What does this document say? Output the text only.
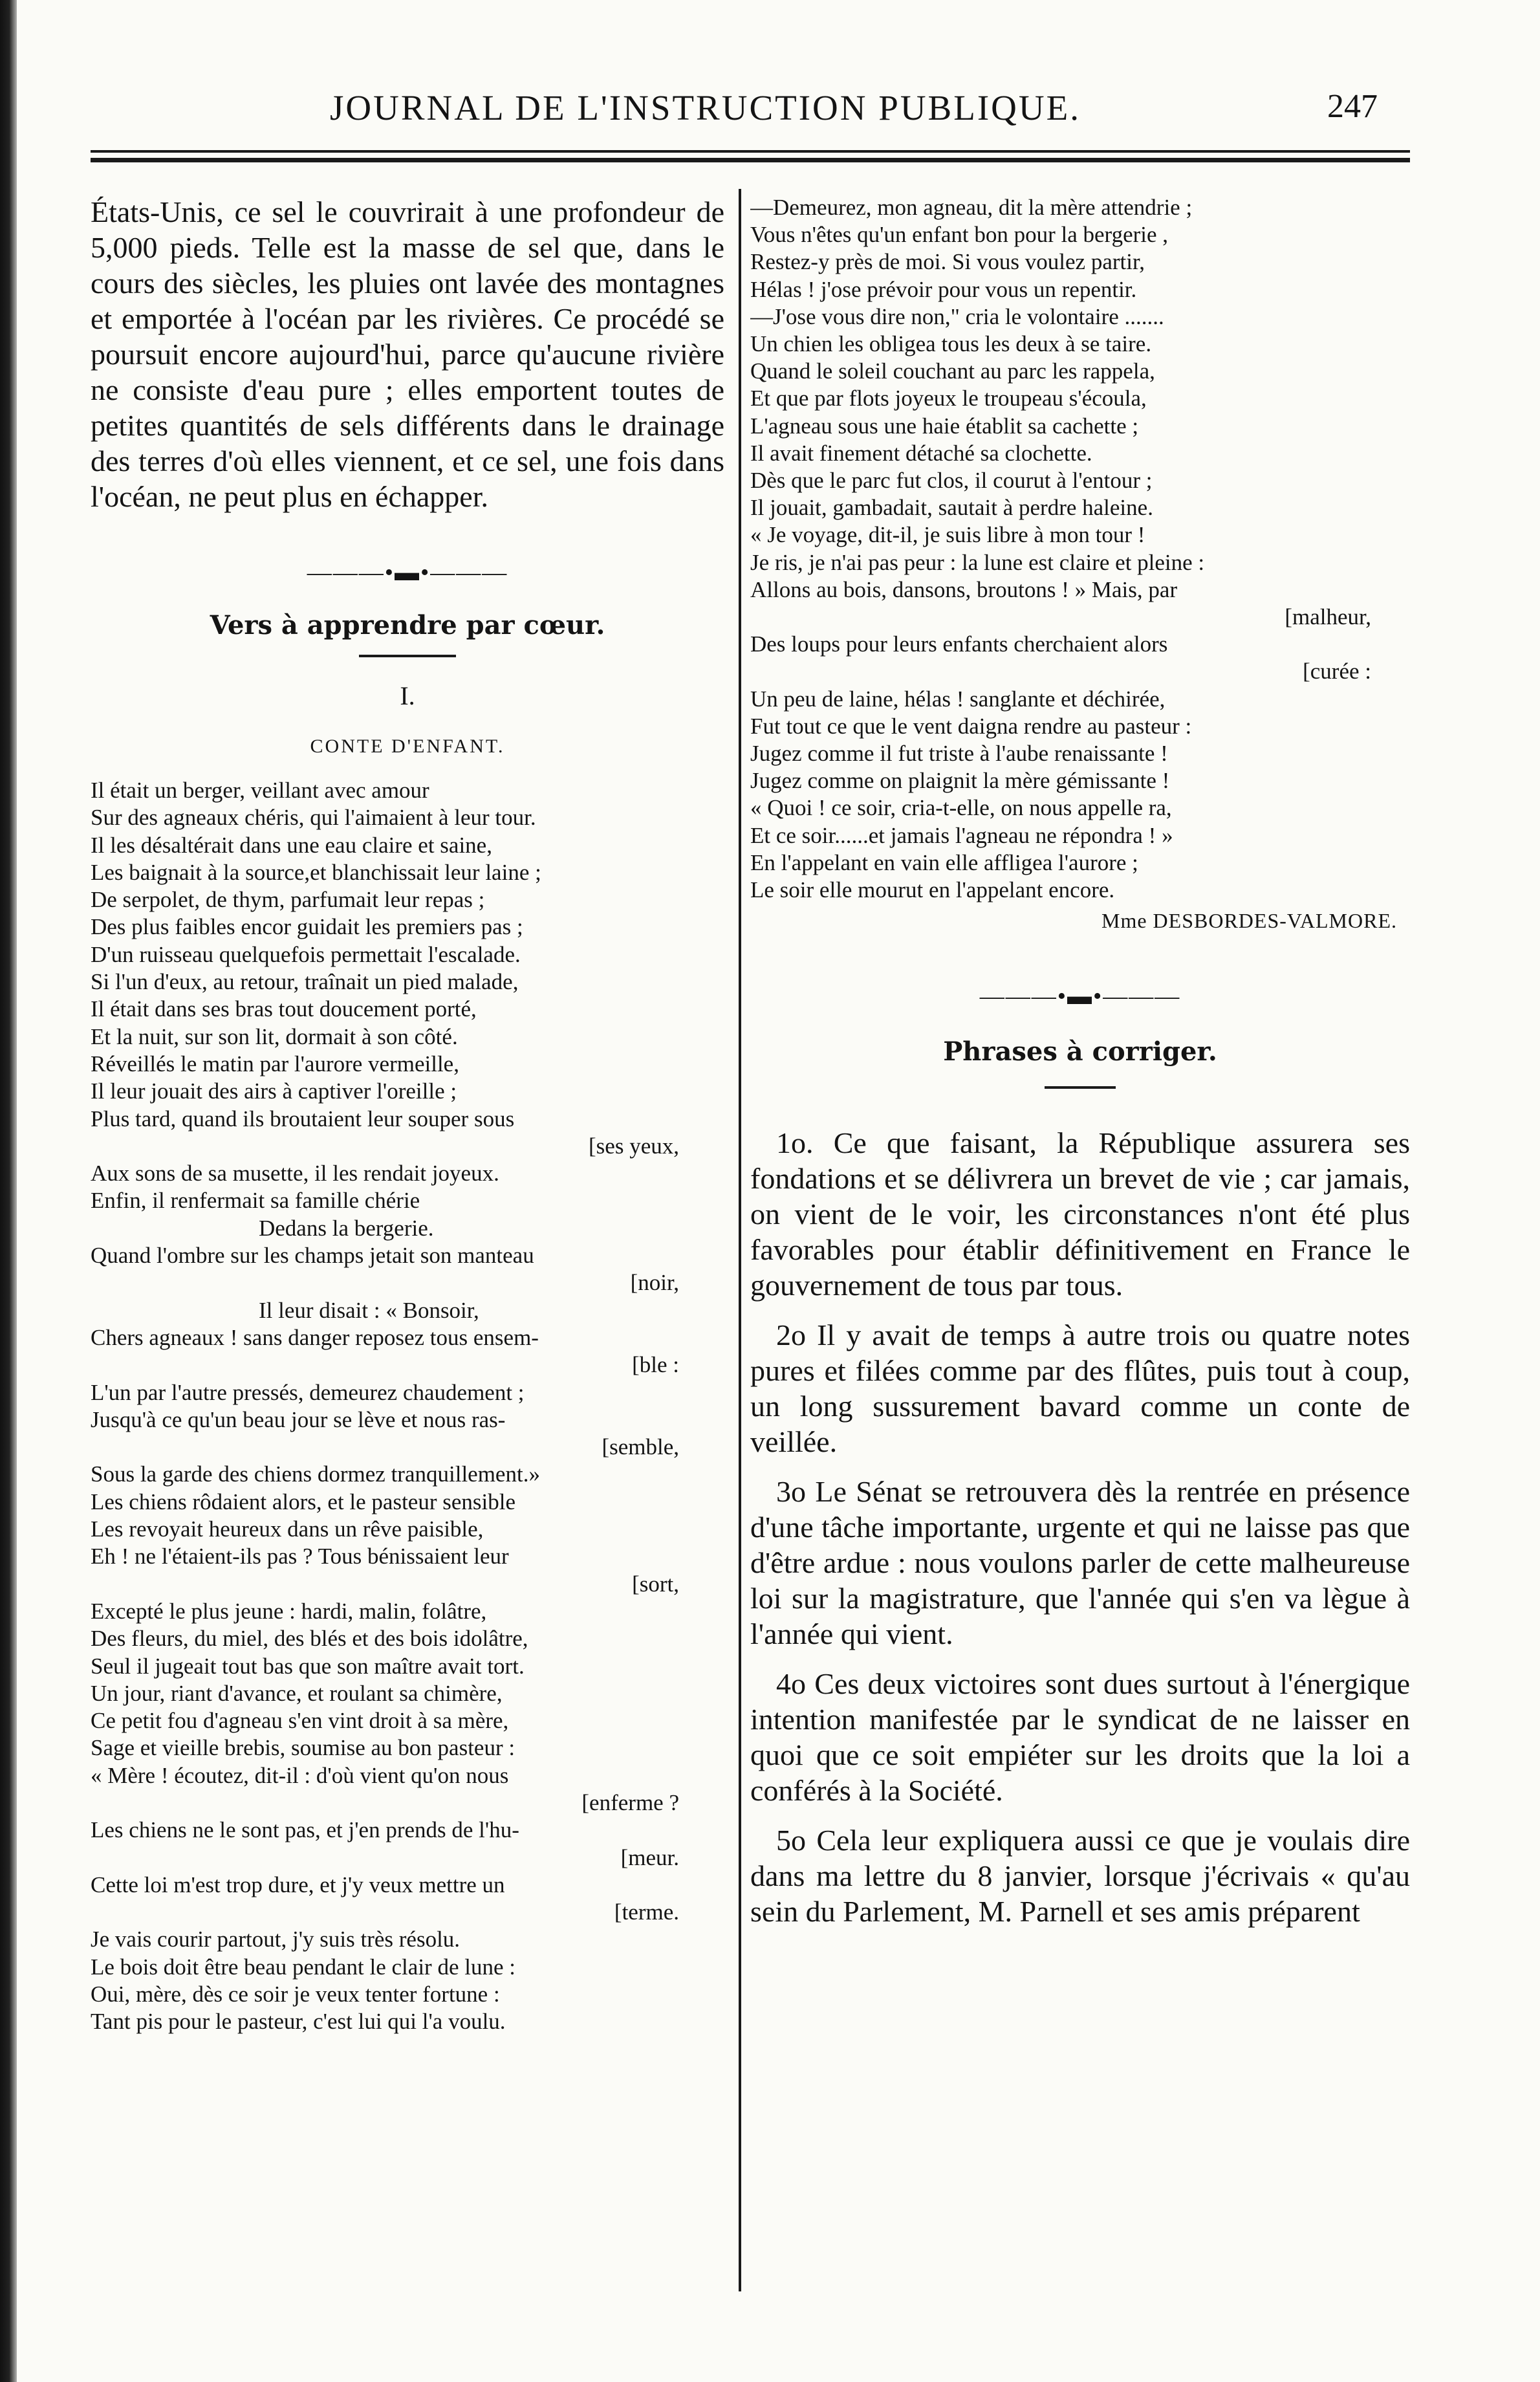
JOURNAL DE L'INSTRUCTION PUBLIQUE.	247

États-Unis, ce sel le couvrirait à une profondeur de 5,000 pieds. Telle est la masse de sel que, dans le cours des siècles, les pluies ont lavée des montagnes et emportée à l'océan par les rivières. Ce procédé se poursuit encore aujourd'hui, parce qu'aucune rivière ne consiste d'eau pure ; elles emportent toutes de petites quantités de sels différents dans le drainage des terres d'où elles viennent, et ce sel, une fois dans l'océan, ne peut plus en échapper.

———•▬•———

Vers à apprendre par cœur.

I.

CONTE D'ENFANT.

Il était un berger, veillant avec amour
Sur des agneaux chéris, qui l'aimaient à leur tour.
Il les désaltérait dans une eau claire et saine,
Les baignait à la source,et blanchissait leur laine ;
De serpolet, de thym, parfumait leur repas ;
Des plus faibles encor guidait les premiers pas ;
D'un ruisseau quelquefois permettait l'escalade.
Si l'un d'eux, au retour, traînait un pied malade,
Il était dans ses bras tout doucement porté,
Et la nuit, sur son lit, dormait à son côté.
Réveillés le matin par l'aurore vermeille,
Il leur jouait des airs à captiver l'oreille ;
Plus tard, quand ils broutaient leur souper sous
[ses yeux,
Aux sons de sa musette, il les rendait joyeux.
Enfin, il renfermait sa famille chérie
Dedans la bergerie.
Quand l'ombre sur les champs jetait son manteau
[noir,
Il leur disait : « Bonsoir,
Chers agneaux ! sans danger reposez tous ensem-
[ble :
L'un par l'autre pressés, demeurez chaudement ;
Jusqu'à ce qu'un beau jour se lève et nous ras-
[semble,
Sous la garde des chiens dormez tranquillement.»
Les chiens rôdaient alors, et le pasteur sensible
Les revoyait heureux dans un rêve paisible,
Eh ! ne l'étaient-ils pas ? Tous bénissaient leur
[sort,
Excepté le plus jeune : hardi, malin, folâtre,
Des fleurs, du miel, des blés et des bois idolâtre,
Seul il jugeait tout bas que son maître avait tort.
Un jour, riant d'avance, et roulant sa chimère,
Ce petit fou d'agneau s'en vint droit à sa mère,
Sage et vieille brebis, soumise au bon pasteur :
« Mère ! écoutez, dit-il : d'où vient qu'on nous
[enferme ?
Les chiens ne le sont pas, et j'en prends de l'hu-
[meur.
Cette loi m'est trop dure, et j'y veux mettre un
[terme.
Je vais courir partout, j'y suis très résolu.
Le bois doit être beau pendant le clair de lune :
Oui, mère, dès ce soir je veux tenter fortune :
Tant pis pour le pasteur, c'est lui qui l'a voulu.
—Demeurez, mon agneau, dit la mère attendrie ;
Vous n'êtes qu'un enfant bon pour la bergerie ,
Restez-y près de moi. Si vous voulez partir,
Hélas ! j'ose prévoir pour vous un repentir.
—J'ose vous dire non," cria le volontaire .......
Un chien les obligea tous les deux à se taire.
Quand le soleil couchant au parc les rappela,
Et que par flots joyeux le troupeau s'écoula,
L'agneau sous une haie établit sa cachette ;
Il avait finement détaché sa clochette.
Dès que le parc fut clos, il courut à l'entour ;
Il jouait, gambadait, sautait à perdre haleine.
« Je voyage, dit-il, je suis libre à mon tour !
Je ris, je n'ai pas peur : la lune est claire et pleine :
Allons au bois, dansons, broutons ! » Mais, par
[malheur,
Des loups pour leurs enfants cherchaient alors
[curée :
Un peu de laine, hélas ! sanglante et déchirée,
Fut tout ce que le vent daigna rendre au pasteur :
Jugez comme il fut triste à l'aube renaissante !
Jugez comme on plaignit la mère gémissante !
« Quoi ! ce soir, cria-t-elle, on nous appelle ra,
Et ce soir......et jamais l'agneau ne répondra ! »
En l'appelant en vain elle affligea l'aurore ;
Le soir elle mourut en l'appelant encore.

Mme DESBORDES-VALMORE.

———•▬•———

Phrases à corriger.

1o. Ce que faisant, la République assurera ses fondations et se délivrera un brevet de vie ; car jamais, on vient de le voir, les circonstances n'ont été plus favorables pour établir définitivement en France le gouvernement de tous par tous.

2o Il y avait de temps à autre trois ou quatre notes pures et filées comme par des flûtes, puis tout à coup, un long sussurement bavard comme un conte de veillée.

3o Le Sénat se retrouvera dès la rentrée en présence d'une tâche importante, urgente et qui ne laisse pas que d'être ardue : nous voulons parler de cette malheureuse loi sur la magistrature, que l'année qui s'en va lègue à l'année qui vient.

4o Ces deux victoires sont dues surtout à l'énergique intention manifestée par le syndicat de ne laisser en quoi que ce soit empiéter sur les droits que la loi a conférés à la Société.

5o Cela leur expliquera aussi ce que je voulais dire dans ma lettre du 8 janvier, lorsque j'écrivais « qu'au sein du Parlement, M. Parnell et ses amis préparent
